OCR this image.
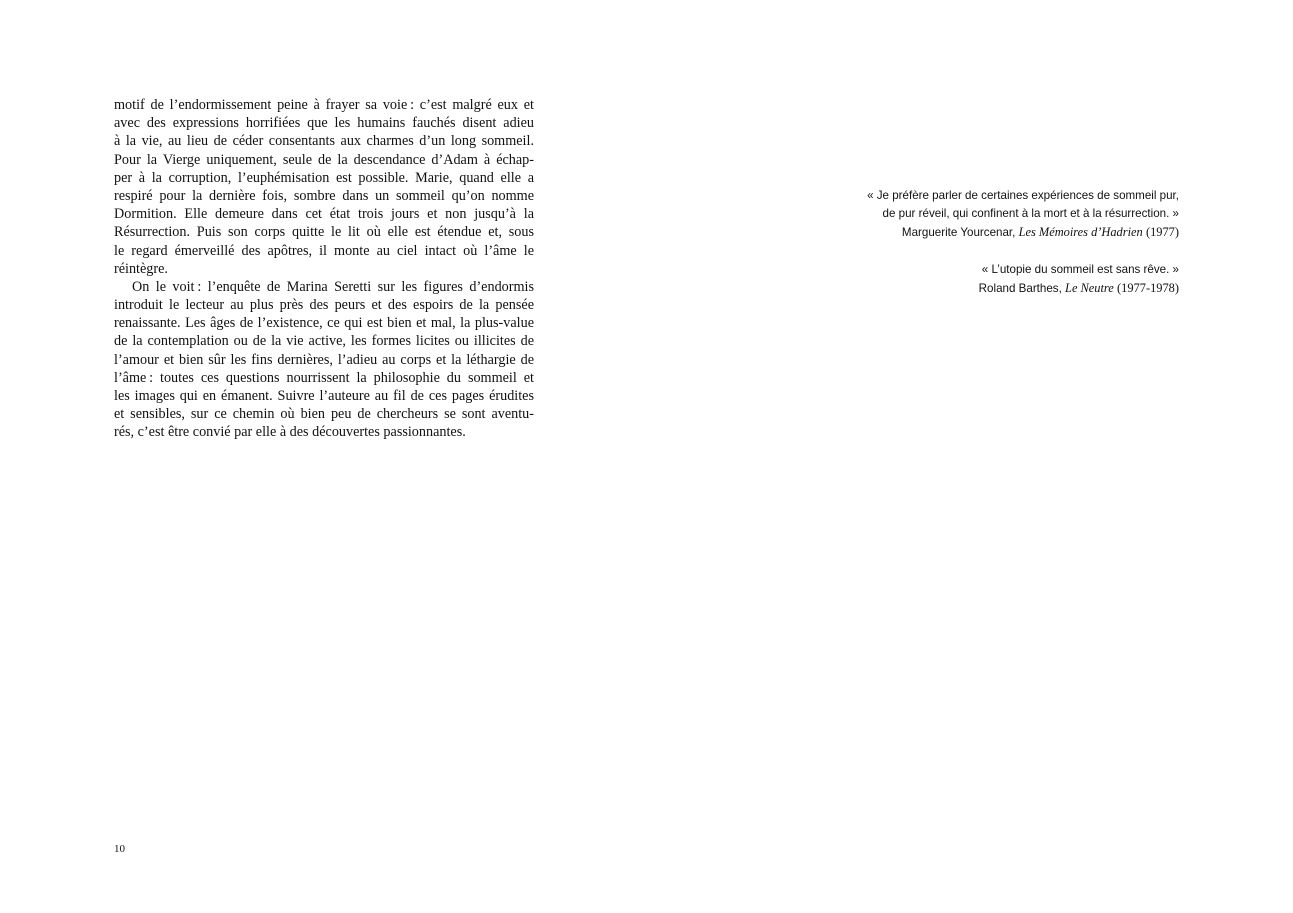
motif de l’endormissement peine à frayer sa voie : c’est malgré eux et
avec des expressions horrifiées que les humains fauchés disent adieu
à la vie, au lieu de céder consentants aux charmes d’un long sommeil.
Pour la Vierge uniquement, seule de la descendance d’Adam à échap-
per à la corruption, l’euphémisation est possible. Marie, quand elle a
respiré pour la dernière fois, sombre dans un sommeil qu’on nomme
Dormition. Elle demeure dans cet état trois jours et non jusqu’à la
Résurrection. Puis son corps quitte le lit où elle est étendue et, sous
le regard émerveillé des apôtres, il monte au ciel intact où l’âme le
réintègre.

On le voit : l’enquête de Marina Seretti sur les figures d’endormis
introduit le lecteur au plus près des peurs et des espoirs de la pensée
renaissante. Les âges de l’existence, ce qui est bien et mal, la plus-value
de la contemplation ou de la vie active, les formes licites ou illicites de
l’amour et bien sûr les fins dernières, l’adieu au corps et la léthargie de
l’âme : toutes ces questions nourrissent la philosophie du sommeil et
les images qui en émanent. Suivre l’auteure au fil de ces pages érudites
et sensibles, sur ce chemin où bien peu de chercheurs se sont aventu-
rés, c’est être convié par elle à des découvertes passionnantes.

10
« Je préfère parler de certaines expériences de sommeil pur,
de pur réveil, qui confinent à la mort et à la résurrection. »
Marguerite Yourcenar, Les Mémoires d’Hadrien (1977)
« L’utopie du sommeil est sans rêve. »
Roland Barthes, Le Neutre (1977-1978)
